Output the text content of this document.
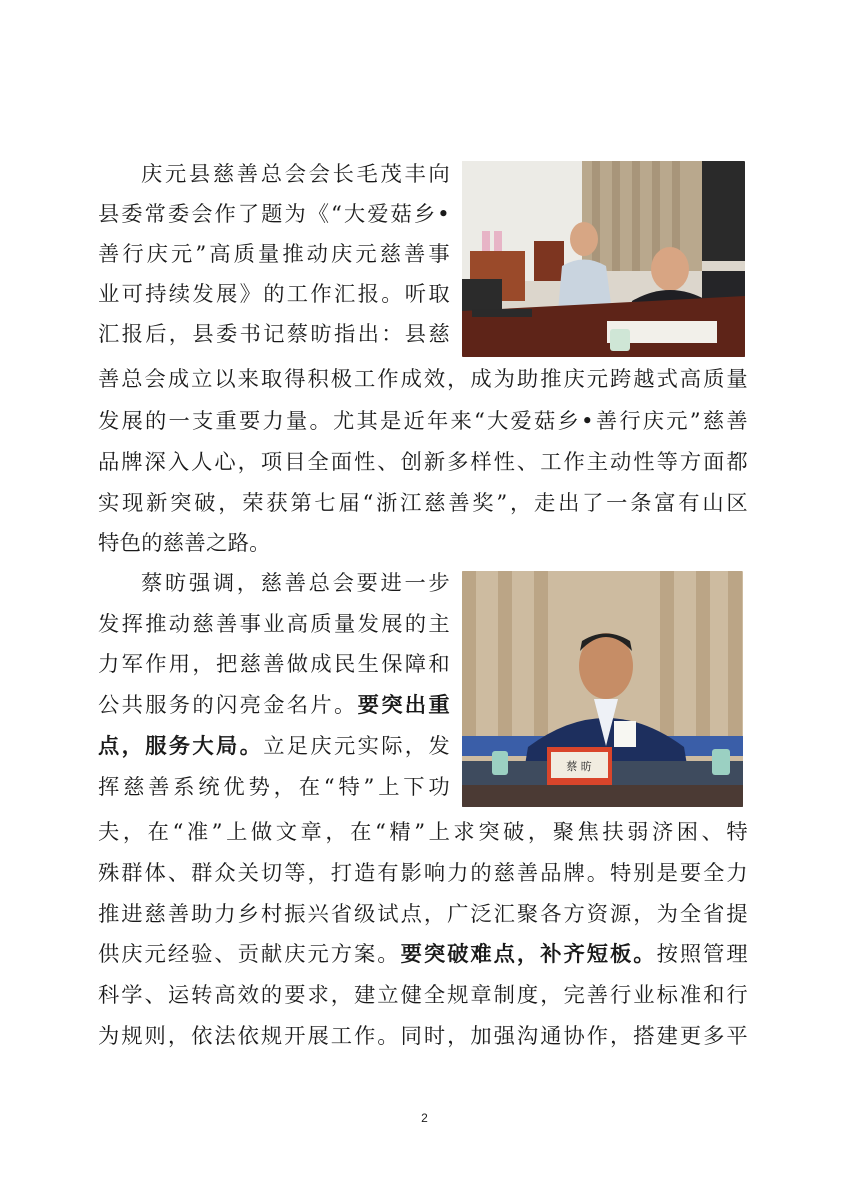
蔡 昉
庆元县慈善总会会长毛茂丰向
县委常委会作了题为《“大爱菇乡•
善行庆元”高质量推动庆元慈善事
业可持续发展》的工作汇报。听取
汇报后，县委书记蔡昉指出：县慈
善总会成立以来取得积极工作成效，成为助推庆元跨越式高质量
发展的一支重要力量。尤其是近年来“大爱菇乡•善行庆元”慈善
品牌深入人心，项目全面性、创新多样性、工作主动性等方面都
实现新突破，荣获第七届“浙江慈善奖”，走出了一条富有山区
特色的慈善之路。
蔡昉强调，慈善总会要进一步
发挥推动慈善事业高质量发展的主
力军作用，把慈善做成民生保障和
公共服务的闪亮金名片。要突出重
点，服务大局。立足庆元实际，发
挥慈善系统优势，在“特”上下功
夫，在“准”上做文章，在“精”上求突破，聚焦扶弱济困、特
殊群体、群众关切等，打造有影响力的慈善品牌。特别是要全力
推进慈善助力乡村振兴省级试点，广泛汇聚各方资源，为全省提
供庆元经验、贡献庆元方案。要突破难点，补齐短板。按照管理
科学、运转高效的要求，建立健全规章制度，完善行业标准和行
为规则，依法依规开展工作。同时，加强沟通协作，搭建更多平
2
